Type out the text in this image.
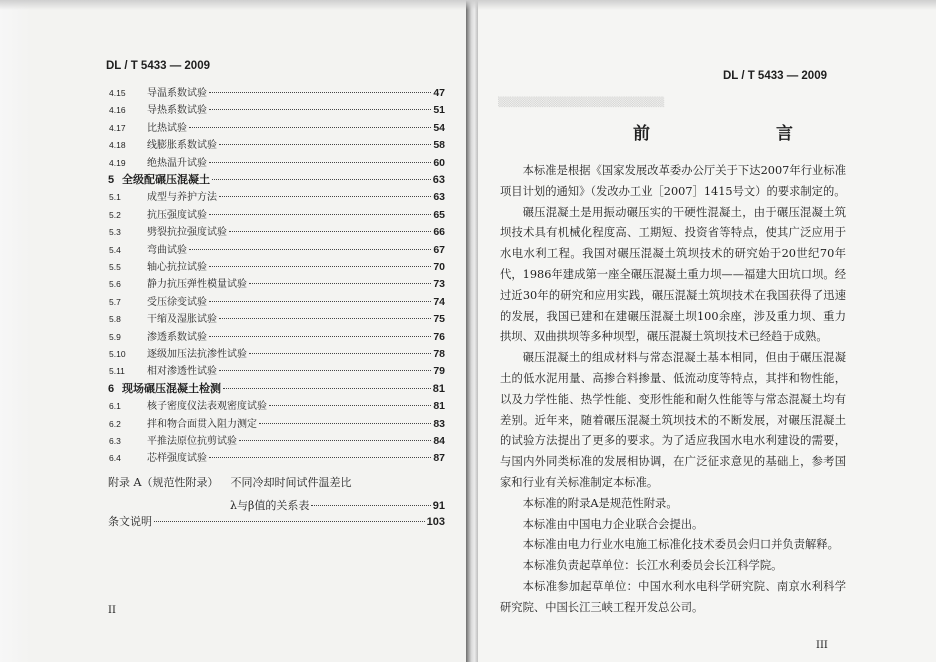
DL / T 5433 — 2009
4.15	导温系数试验	47
4.16	导热系数试验	51
4.17	比热试验	54
4.18	线膨胀系数试验	58
4.19	绝热温升试验	60
5 全级配碾压混凝土	63
5.1	成型与养护方法	63
5.2	抗压强度试验	65
5.3	劈裂抗拉强度试验	66
5.4	弯曲试验	67
5.5	轴心抗拉试验	70
5.6	静力抗压弹性模量试验	73
5.7	受压徐变试验	74
5.8	干缩及湿胀试验	75
5.9	渗透系数试验	76
5.10	逐级加压法抗渗性试验	78
5.11	相对渗透性试验	79
6 现场碾压混凝土检测	81
6.1	核子密度仪法表观密度试验	81
6.2	拌和物合面贯入阻力测定	83
6.3	平推法原位抗剪试验	84
6.4	芯样强度试验	87
附录 A（规范性附录） 不同冷却时间试件温差比
λ与β值的关系表	91
条文说明	103
II
▒▒▒▒▒▒▒▒▒▒▒▒▒▒▒▒▒▒▒▒▒▒▒▒
DL / T 5433 — 2009
前	言

本标准是根据《国家发展改革委办公厅关于下达2007年行业标准项目计划的通知》（发改办工业［2007］1415号文）的要求制定的。

碾压混凝土是用振动碾压实的干硬性混凝土，由于碾压混凝土筑坝技术具有机械化程度高、工期短、投资省等特点，使其广泛应用于水电水利工程。我国对碾压混凝土筑坝技术的研究始于20世纪70年代，1986年建成第一座全碾压混凝土重力坝——福建大田坑口坝。经过近30年的研究和应用实践，碾压混凝土筑坝技术在我国获得了迅速的发展，我国已建和在建碾压混凝土坝100余座，涉及重力坝、重力拱坝、双曲拱坝等多种坝型，碾压混凝土筑坝技术已经趋于成熟。

碾压混凝土的组成材料与常态混凝土基本相同，但由于碾压混凝土的低水泥用量、高掺合料掺量、低流动度等特点，其拌和物性能，以及力学性能、热学性能、变形性能和耐久性能等与常态混凝土均有差别。近年来，随着碾压混凝土筑坝技术的不断发展，对碾压混凝土的试验方法提出了更多的要求。为了适应我国水电水利建设的需要，与国内外同类标准的发展相协调，在广泛征求意见的基础上，参考国家和行业有关标准制定本标准。

本标准的附录A是规范性附录。

本标准由中国电力企业联合会提出。

本标准由电力行业水电施工标准化技术委员会归口并负责解释。

本标准负责起草单位：长江水利委员会长江科学院。

本标准参加起草单位：中国水利水电科学研究院、南京水利科学研究院、中国长江三峡工程开发总公司。

III
